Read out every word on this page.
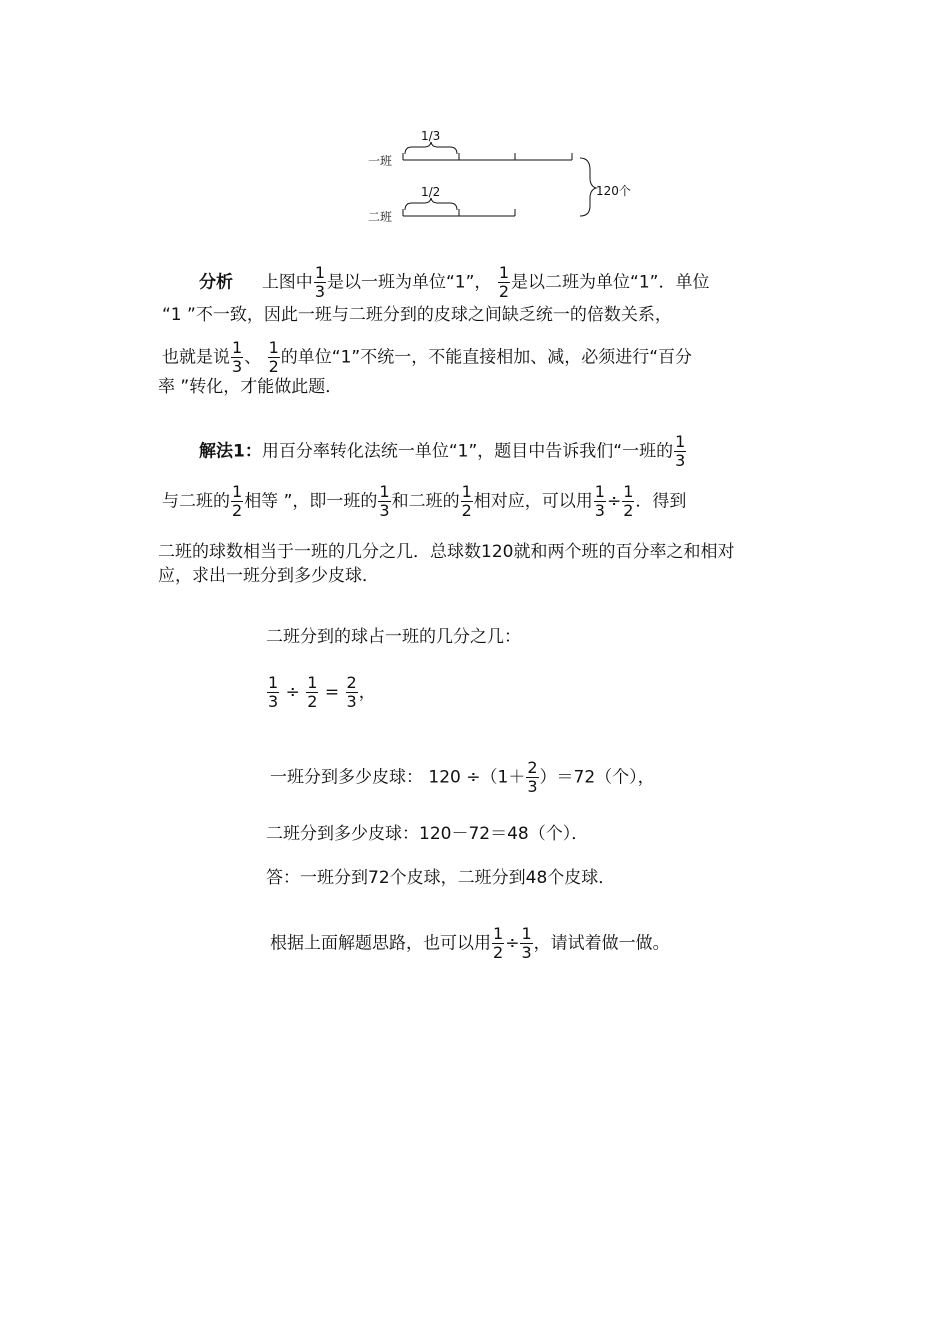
1/3
一班
1/2
二班
120个
分析 上图中 $\frac{1}{3}$ 是以一班为单位“1”， $\frac{1}{2}$ 是以二班为单位“1”．单位
“1 ”不一致，因此一班与二班分到的皮球之间缺乏统一的倍数关系，
也就是说 $\frac{1}{3}$ 、 $\frac{1}{2}$ 的单位“1”不统一，不能直接相加、减，必须进行“百分
率 ”转化，才能做此题．
解法1：用百分率转化法统一单位“1”，题目中告诉我们“一班的 $\frac{1}{3}$
与二班的 $\frac{1}{2}$ 相等 ”，即一班的 $\frac{1}{3}$ 和二班的 $\frac{1}{2}$ 相对应，可以用 $\frac{1}{3} \div \frac{1}{2}$ ．得到
二班的球数相当于一班的几分之几．总球数120就和两个班的百分率之和相对
应，求出一班分到多少皮球．
二班分到的球占一班的几分之几：
$\frac{1}{3} \div \frac{1}{2} = \frac{2}{3}$ ，
一班分到多少皮球： $120 \div(1+ \frac{2}{3} )=72$（个），
二班分到多少皮球：120－72＝48（个）．
答：一班分到72个皮球，二班分到48个皮球．
根据上面解题思路，也可以用 $\frac{1}{2} \div \frac{1}{3}$ ，请试着做一做。
